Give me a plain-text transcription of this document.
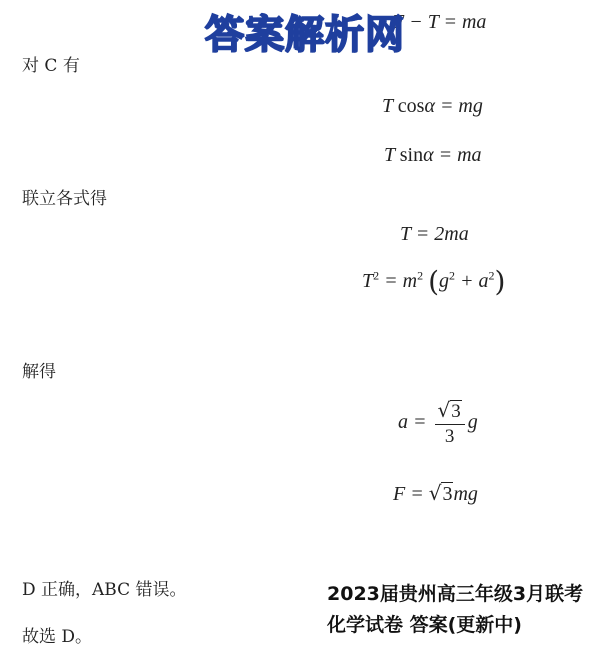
F − T = ma
答案解析网
对 C 有
T cosα = mg
T sinα = ma
联立各式得
T = 2ma
$T^2 = m^2$ $(g^2 + a^2)$
解得
$a = \frac{√3}{3}$ g
F = √3mg
D 正确，ABC 错误。
故选 D。
2023届贵州高三年级3月联考
化学试卷 答案(更新中)
